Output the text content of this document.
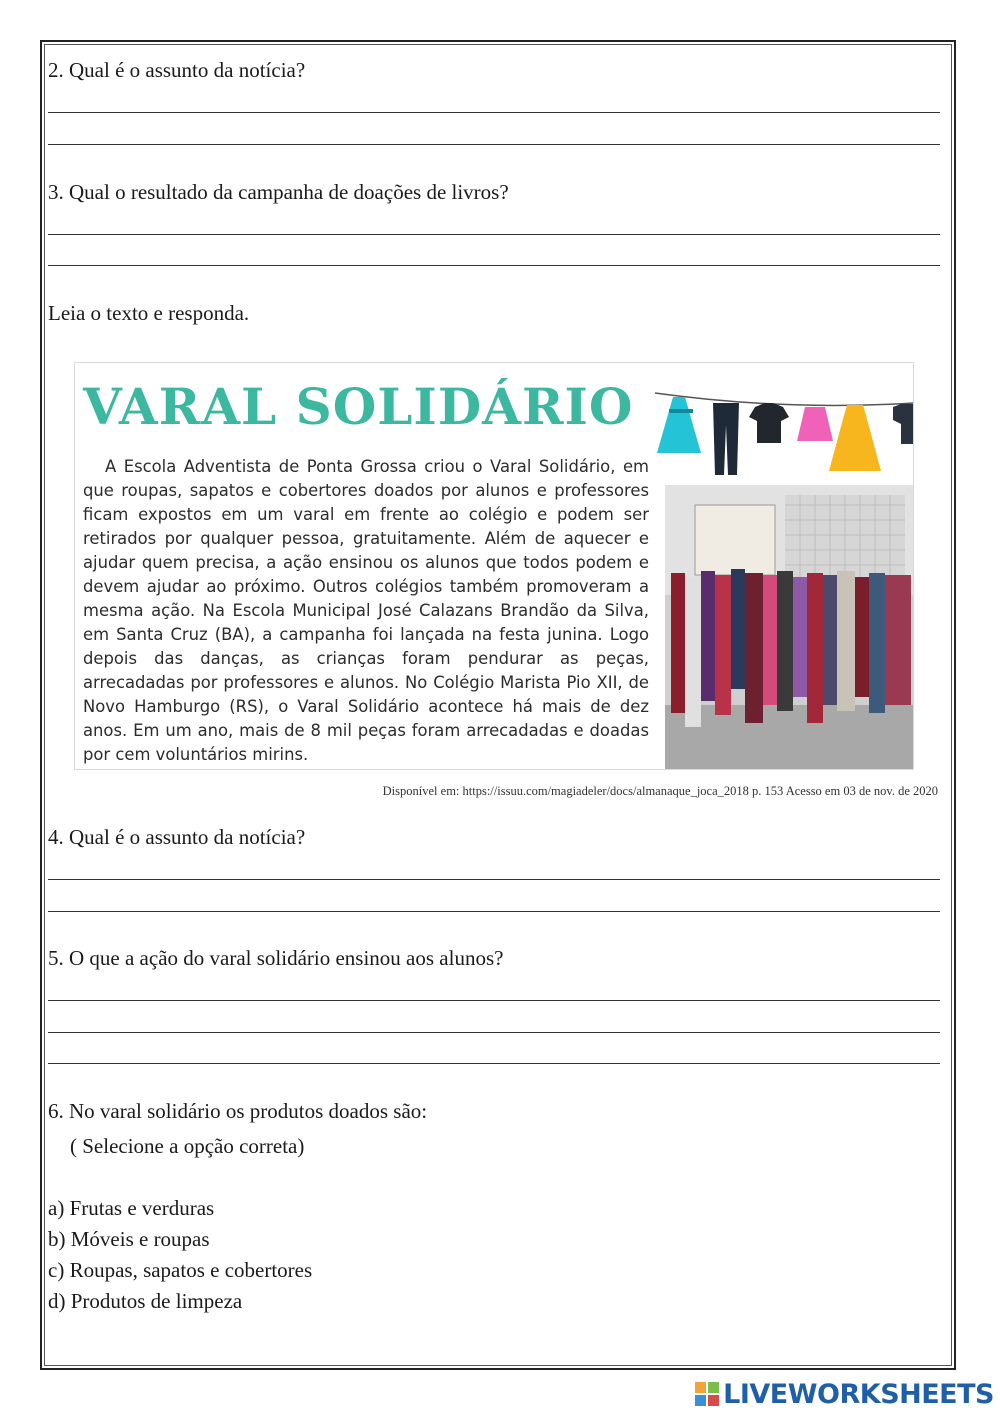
2. Qual é o assunto da notícia?
3. Qual o resultado da campanha de doações de livros?
Leia o texto e responda.
VARAL SOLIDÁRIO
A Escola Adventista de Ponta Grossa criou o Varal Solidário, em que roupas, sapatos e cobertores doados por alunos e professores ficam expostos em um varal em frente ao colégio e podem ser retirados por qualquer pessoa, gratuitamente. Além de aquecer e ajudar quem precisa, a ação ensinou os alunos que todos podem e devem ajudar ao próximo. Outros colégios também promoveram a mesma ação. Na Escola Municipal José Calazans Brandão da Silva, em Santa Cruz (BA), a campanha foi lançada na festa junina. Logo depois das danças, as crianças foram pendurar as peças, arrecadadas por professores e alunos. No Colégio Marista Pio XII, de Novo Hamburgo (RS), o Varal Solidário acontece há mais de dez anos. Em um ano, mais de 8 mil peças foram arrecadadas e doadas por cem voluntários mirins.
Disponível em: https://issuu.com/magiadeler/docs/almanaque_joca_2018 p. 153 Acesso em 03 de nov. de 2020
4. Qual é o assunto da notícia?
5. O que a ação do varal solidário ensinou aos alunos?
6. No varal solidário os produtos doados são:
( Selecione a opção correta)
a) Frutas e verduras
b) Móveis e roupas
c) Roupas, sapatos e cobertores
d) Produtos de limpeza
LIVEWORKSHEETS
